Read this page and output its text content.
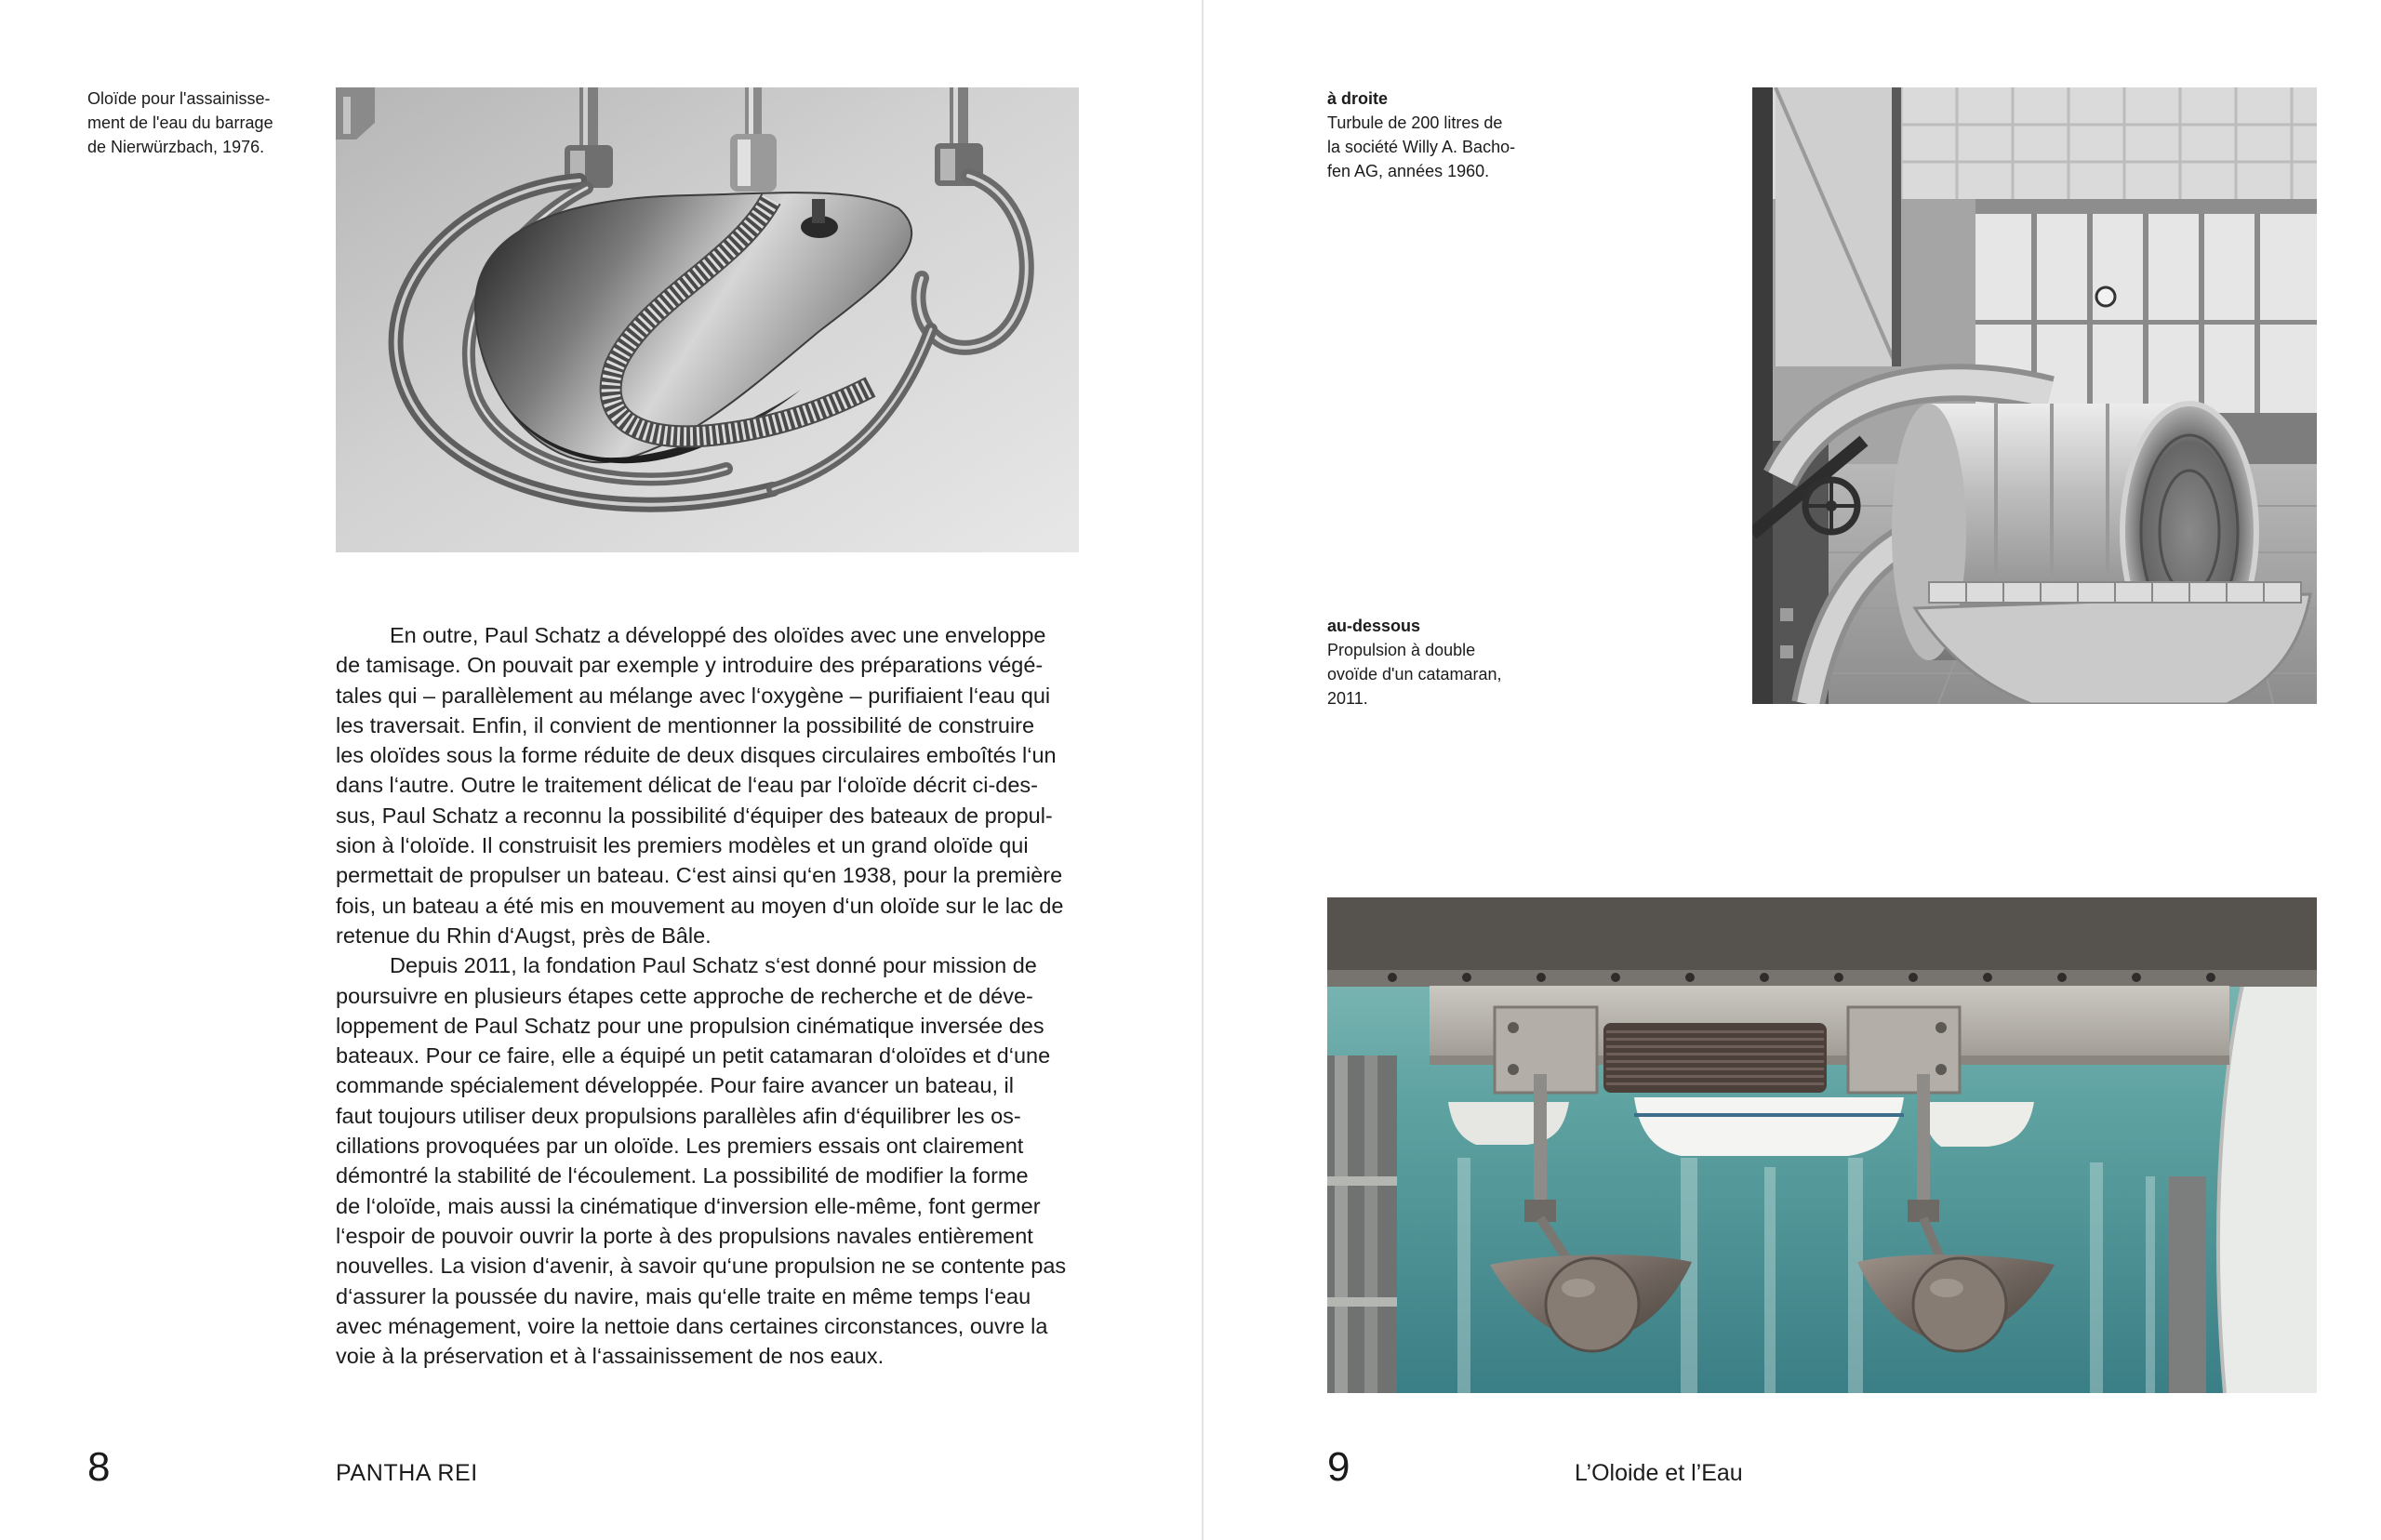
Oloïde pour l'assainisse-
ment de l'eau du barrage
de Nierwürzbach, 1976.
En outre, Paul Schatz a développé des oloïdes avec une enveloppe
de tamisage. On pouvait par exemple y introduire des préparations végé-
tales qui – parallèlement au mélange avec l‘oxygène – purifiaient l‘eau qui
les traversait. Enfin, il convient de mentionner la possibilité de construire
les oloïdes sous la forme réduite de deux disques circulaires emboîtés l‘un
dans l‘autre. Outre le traitement délicat de l‘eau par l‘oloïde décrit ci-des-
sus, Paul Schatz a reconnu la possibilité d‘équiper des bateaux de propul-
sion à l‘oloïde. Il construisit les premiers modèles et un grand oloïde qui
permettait de propulser un bateau. C‘est ainsi qu‘en 1938, pour la première
fois, un bateau a été mis en mouvement au moyen d‘un oloïde sur le lac de
retenue du Rhin d‘Augst, près de Bâle.
Depuis 2011, la fondation Paul Schatz s‘est donné pour mission de
poursuivre en plusieurs étapes cette approche de recherche et de déve-
loppement de Paul Schatz pour une propulsion cinématique inversée des
bateaux. Pour ce faire, elle a équipé un petit catamaran d‘oloïdes et d‘une
commande spécialement développée. Pour faire avancer un bateau, il
faut toujours utiliser deux propulsions parallèles afin d‘équilibrer les os-
cillations provoquées par un oloïde. Les premiers essais ont clairement
démontré la stabilité de l‘écoulement. La possibilité de modifier la forme
de l‘oloïde, mais aussi la cinématique d‘inversion elle-même, font germer
l‘espoir de pouvoir ouvrir la porte à des propulsions navales entièrement
nouvelles. La vision d‘avenir, à savoir qu‘une propulsion ne se contente pas
d‘assurer la poussée du navire, mais qu‘elle traite en même temps l‘eau
avec ménagement, voire la nettoie dans certaines circonstances, ouvre la
voie à la préservation et à l‘assainissement de nos eaux.
8	PANTHA REI
à droite
Turbule de 200 litres de
la société Willy A. Bacho-
fen AG, années 1960.
au-dessous
Propulsion à double
ovoïde d'un catamaran,
2011.
9	L’Oloide et l’Eau
